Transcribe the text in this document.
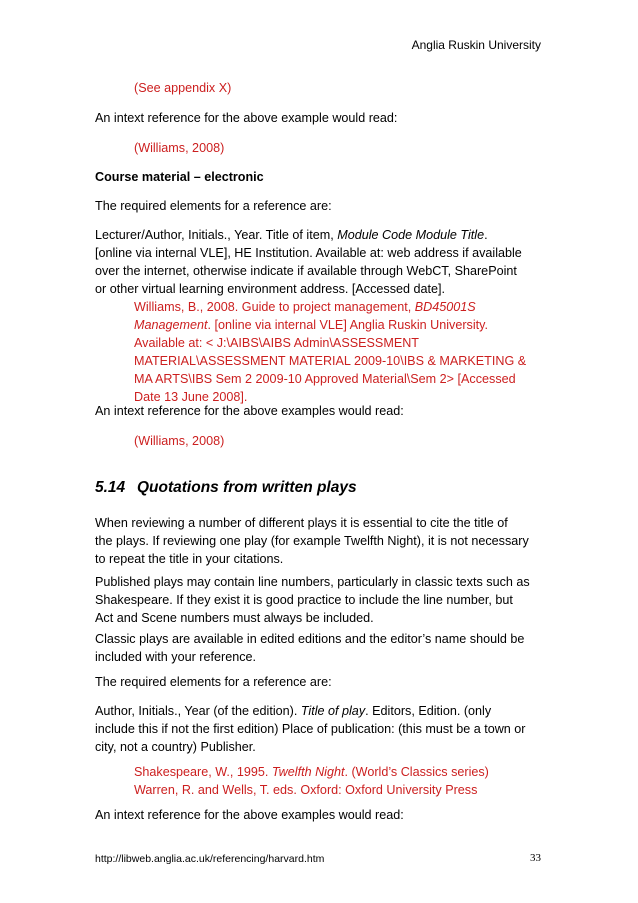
Anglia Ruskin University
(See appendix X)
An intext reference for the above example would read:
(Williams, 2008)
Course material – electronic
The required elements for a reference are:
Lecturer/Author, Initials., Year. Title of item, Module Code Module Title.
[online via internal VLE], HE Institution. Available at: web address if available
over the internet, otherwise indicate if available through WebCT, SharePoint
or other virtual learning environment address. [Accessed date].
Williams, B., 2008. Guide to project management, BD45001S
Management. [online via internal VLE] Anglia Ruskin University.
Available at: < J:\AIBS\AIBS Admin\ASSESSMENT
MATERIAL\ASSESSMENT MATERIAL 2009-10\IBS & MARKETING &
MA ARTS\IBS Sem 2 2009-10 Approved Material\Sem 2> [Accessed
Date 13 June 2008].
An intext reference for the above examples would read:
(Williams, 2008)
5.14 Quotations from written plays
When reviewing a number of different plays it is essential to cite the title of
the plays. If reviewing one play (for example Twelfth Night), it is not necessary
to repeat the title in your citations.
Published plays may contain line numbers, particularly in classic texts such as
Shakespeare. If they exist it is good practice to include the line number, but
Act and Scene numbers must always be included.
Classic plays are available in edited editions and the editor’s name should be
included with your reference.
The required elements for a reference are:
Author, Initials., Year (of the edition). Title of play. Editors, Edition. (only
include this if not the first edition) Place of publication: (this must be a town or
city, not a country) Publisher.
Shakespeare, W., 1995. Twelfth Night. (World’s Classics series)
Warren, R. and Wells, T. eds. Oxford: Oxford University Press
An intext reference for the above examples would read:
http://libweb.anglia.ac.uk/referencing/harvard.htm	33
